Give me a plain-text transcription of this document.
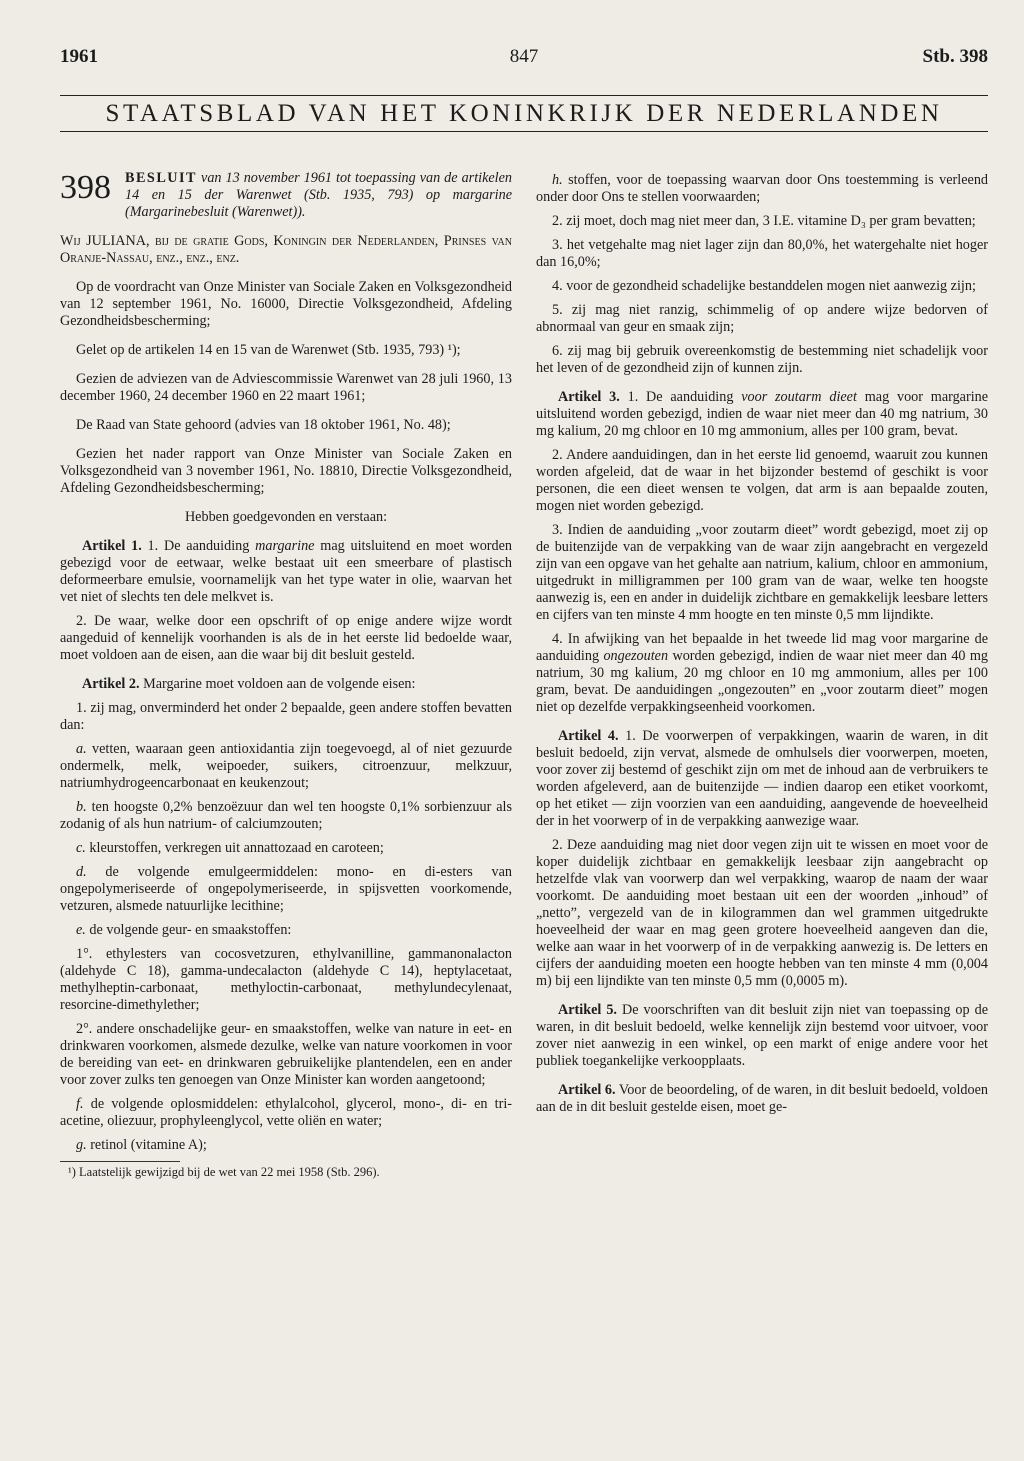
1961	847	Stb. 398
STAATSBLAD VAN HET KONINKRIJK DER NEDERLANDEN
398 BESLUIT van 13 november 1961 tot toepassing van de artikelen 14 en 15 der Warenwet (Stb. 1935, 793) op margarine (Margarinebesluit (Warenwet)).

Wij JULIANA, bij de gratie Gods, Koningin der Nederlanden, Prinses van Oranje-Nassau, enz., enz., enz.

Op de voordracht van Onze Minister van Sociale Zaken en Volksgezondheid van 12 september 1961, No. 16000, Directie Volksgezondheid, Afdeling Gezondheidsbescherming;

Gelet op de artikelen 14 en 15 van de Warenwet (Stb. 1935, 793) ¹);

Gezien de adviezen van de Adviescommissie Warenwet van 28 juli 1960, 13 december 1960, 24 december 1960 en 22 maart 1961;

De Raad van State gehoord (advies van 18 oktober 1961, No. 48);

Gezien het nader rapport van Onze Minister van Sociale Zaken en Volksgezondheid van 3 november 1961, No. 18810, Directie Volksgezondheid, Afdeling Gezondheidsbescherming;

Hebben goedgevonden en verstaan:

Artikel 1. 1. De aanduiding margarine mag uitsluitend en moet worden gebezigd voor de eetwaar, welke bestaat uit een smeerbare of plastisch deformeerbare emulsie, voornamelijk van het type water in olie, waarvan het vet niet of slechts ten dele melkvet is.

2. De waar, welke door een opschrift of op enige andere wijze wordt aangeduid of kennelijk voorhanden is als de in het eerste lid bedoelde waar, moet voldoen aan de eisen, aan die waar bij dit besluit gesteld.

Artikel 2. Margarine moet voldoen aan de volgende eisen:

1. zij mag, onverminderd het onder 2 bepaalde, geen andere stoffen bevatten dan:

a. vetten, waaraan geen antioxidantia zijn toegevoegd, al of niet gezuurde ondermelk, melk, weipoeder, suikers, citroenzuur, melkzuur, natriumhydrogeencarbonaat en keukenzout;

b. ten hoogste 0,2% benzoëzuur dan wel ten hoogste 0,1% sorbienzuur als zodanig of als hun natrium- of calciumzouten;

c. kleurstoffen, verkregen uit annattozaad en caroteen;

d. de volgende emulgeermiddelen: mono- en di-esters van ongepolymeriseerde of ongepolymeriseerde, in spijsvetten voorkomende, vetzuren, alsmede natuurlijke lecithine;

e. de volgende geur- en smaakstoffen:

1°. ethylesters van cocosvetzuren, ethylvanilline, gammanonalacton (aldehyde C 18), gamma-undecalacton (aldehyde C 14), heptylacetaat, methylheptin-carbonaat, methyloctin-carbonaat, methylundecylenaat, resorcine-dimethylether;

2°. andere onschadelijke geur- en smaakstoffen, welke van nature in eet- en drinkwaren voorkomen, alsmede dezulke, welke van nature voorkomen in voor de bereiding van eet- en drinkwaren gebruikelijke plantendelen, een en ander voor zover zulks ten genoegen van Onze Minister kan worden aangetoond;

f. de volgende oplosmiddelen: ethylalcohol, glycerol, mono-, di- en tri-acetine, oliezuur, prophyleenglycol, vette oliën en water;

g. retinol (vitamine A);

¹) Laatstelijk gewijzigd bij de wet van 22 mei 1958 (Stb. 296).

h. stoffen, voor de toepassing waarvan door Ons toestemming is verleend onder door Ons te stellen voorwaarden;

2. zij moet, doch mag niet meer dan, 3 I.E. vitamine D₃ per gram bevatten;

3. het vetgehalte mag niet lager zijn dan 80,0%, het watergehalte niet hoger dan 16,0%;

4. voor de gezondheid schadelijke bestanddelen mogen niet aanwezig zijn;

5. zij mag niet ranzig, schimmelig of op andere wijze bedorven of abnormaal van geur en smaak zijn;

6. zij mag bij gebruik overeenkomstig de bestemming niet schadelijk voor het leven of de gezondheid zijn of kunnen zijn.

Artikel 3. 1. De aanduiding voor zoutarm dieet mag voor margarine uitsluitend worden gebezigd, indien de waar niet meer dan 40 mg natrium, 30 mg kalium, 20 mg chloor en 10 mg ammonium, alles per 100 gram, bevat.

2. Andere aanduidingen, dan in het eerste lid genoemd, waaruit zou kunnen worden afgeleid, dat de waar in het bijzonder bestemd of geschikt is voor personen, die een dieet wensen te volgen, dat arm is aan bepaalde zouten, mogen niet worden gebezigd.

3. Indien de aanduiding „voor zoutarm dieet” wordt gebezigd, moet zij op de buitenzijde van de verpakking van de waar zijn aangebracht en vergezeld zijn van een opgave van het gehalte aan natrium, kalium, chloor en ammonium, uitgedrukt in milligrammen per 100 gram van de waar, welke ten hoogste aanwezig is, een en ander in duidelijk zichtbare en gemakkelijk leesbare letters en cijfers van ten minste 4 mm hoogte en ten minste 0,5 mm lijndikte.

4. In afwijking van het bepaalde in het tweede lid mag voor margarine de aanduiding ongezouten worden gebezigd, indien de waar niet meer dan 40 mg natrium, 30 mg kalium, 20 mg chloor en 10 mg ammonium, alles per 100 gram, bevat. De aanduidingen „ongezouten” en „voor zoutarm dieet” mogen niet op dezelfde verpakkingseenheid voorkomen.

Artikel 4. 1. De voorwerpen of verpakkingen, waarin de waren, in dit besluit bedoeld, zijn vervat, alsmede de omhulsels dier voorwerpen, moeten, voor zover zij bestemd of geschikt zijn om met de inhoud aan de verbruikers te worden afgeleverd, aan de buitenzijde — indien daarop een etiket voorkomt, op het etiket — zijn voorzien van een aanduiding, aangevende de hoeveelheid der in het voorwerp of in de verpakking aanwezige waar.

2. Deze aanduiding mag niet door vegen zijn uit te wissen en moet voor de koper duidelijk zichtbaar en gemakkelijk leesbaar zijn aangebracht op hetzelfde vlak van voorwerp dan wel verpakking, waarop de naam der waar voorkomt. De aanduiding moet bestaan uit een der woorden „inhoud” of „netto”, vergezeld van de in kilogrammen dan wel grammen uitgedrukte hoeveelheid der waar en mag geen grotere hoeveelheid aangeven dan die, welke aan waar in het voorwerp of in de verpakking aanwezig is. De letters en cijfers der aanduiding moeten een hoogte hebben van ten minste 4 mm (0,004 m) bij een lijndikte van ten minste 0,5 mm (0,0005 m).

Artikel 5. De voorschriften van dit besluit zijn niet van toepassing op de waren, in dit besluit bedoeld, welke kennelijk zijn bestemd voor uitvoer, voor zover niet aanwezig in een winkel, op een markt of enige andere voor het publiek toegankelijke verkoopplaats.

Artikel 6. Voor de beoordeling, of de waren, in dit besluit bedoeld, voldoen aan de in dit besluit gestelde eisen, moet ge-
